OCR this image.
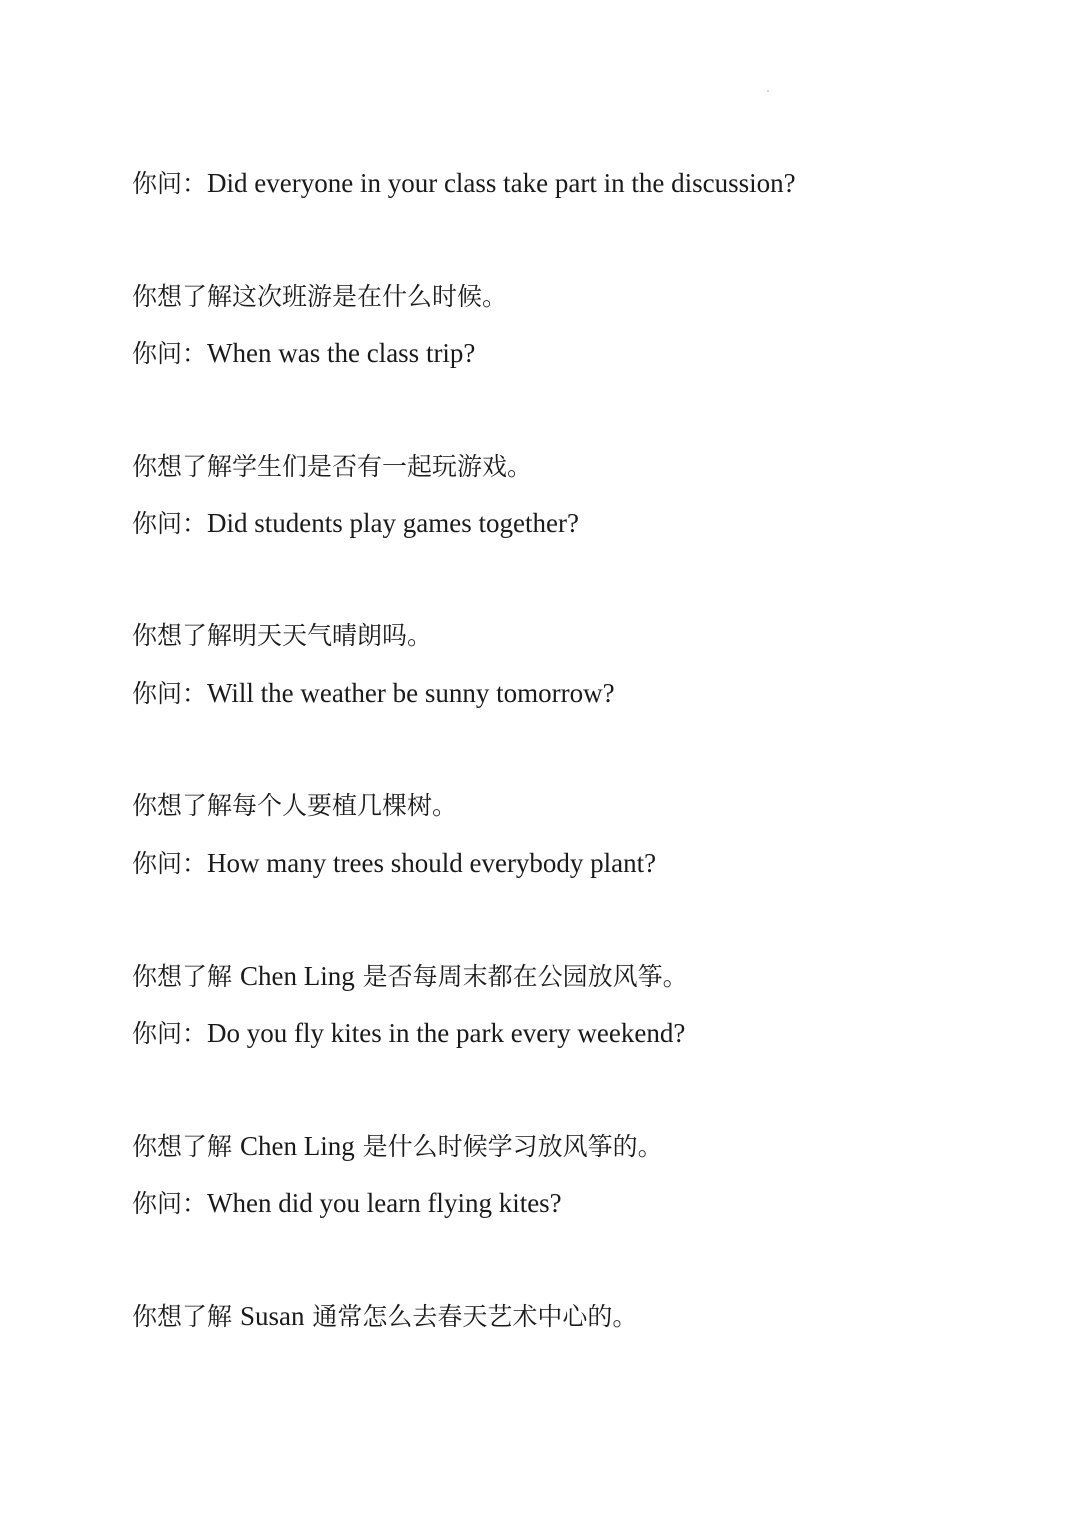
你问：Did everyone in your class take part in the discussion?
你想了解这次班游是在什么时候。
你问：When was the class trip?
你想了解学生们是否有一起玩游戏。
你问：Did students play games together?
你想了解明天天气晴朗吗。
你问：Will the weather be sunny tomorrow?
你想了解每个人要植几棵树。
你问：How many trees should everybody plant?
你想了解 Chen Ling 是否每周末都在公园放风筝。
你问：Do you fly kites in the park every weekend?
你想了解 Chen Ling 是什么时候学习放风筝的。
你问：When did you learn flying kites?
你想了解 Susan 通常怎么去春天艺术中心的。
